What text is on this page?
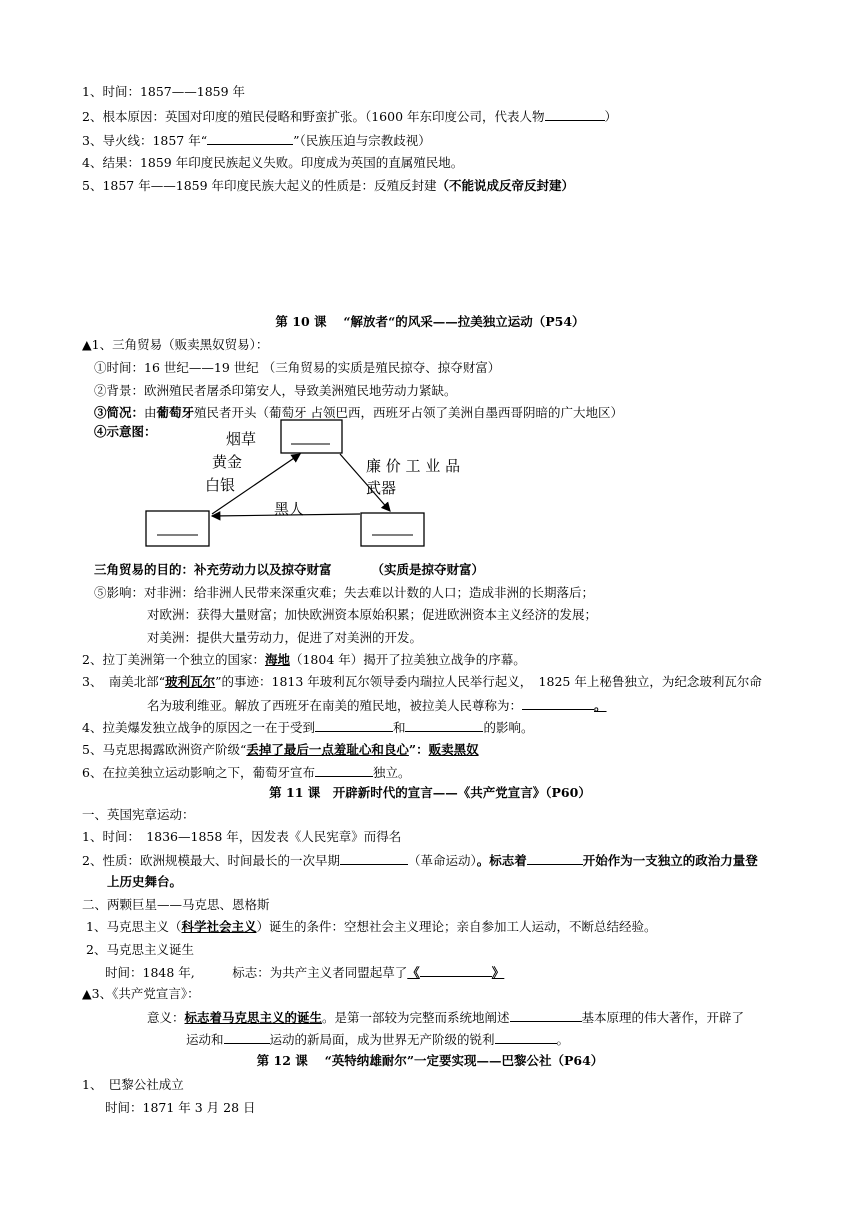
1、时间：1857——1859 年
2、根本原因：英国对印度的殖民侵略和野蛮扩张。（1600 年东印度公司，代表人物	）
3、导火线：1857 年“	”（民族压迫与宗教歧视）
4、结果：1859 年印度民族起义失败。印度成为英国的直属殖民地。
5、1857 年——1859 年印度民族大起义的性质是：反殖反封建（不能说成反帝反封建）
第 10 课　 “解放者“的风采——拉美独立运动（P54）
▲1、三角贸易（贩卖黑奴贸易）：
①时间：16 世纪——19 世纪 （三角贸易的实质是殖民掠夺、掠夺财富）
②背景：欧洲殖民者屠杀印第安人，导致美洲殖民地劳动力紧缺。
③简况：由葡萄牙殖民者开头（葡萄牙 占领巴西，西班牙占领了美洲自墨西哥阴暗的广大地区）
④示意图：	烟草
黄金
白银
廉 价 工 业 品
武器
黑人
三角贸易的目的：补充劳动力以及掠夺财富	（实质是掠夺财富）
⑤影响：对非洲：给非洲人民带来深重灾难；失去难以计数的人口；造成非洲的长期落后；
对欧洲：获得大量财富；加快欧洲资本原始积累；促进欧洲资本主义经济的发展；
对美洲：提供大量劳动力，促进了对美洲的开发。
2、拉丁美洲第一个独立的国家：海地（1804 年）揭开了拉美独立战争的序幕。
3、　南美北部“玻利瓦尔”的事迹：1813 年玻利瓦尔领导委内瑞拉人民举行起义，　1825 年上秘鲁独立，为纪念玻利瓦尔命
名为玻利维亚。解放了西班牙在南美的殖民地，被拉美人民尊称为：	。
4、拉美爆发独立战争的原因之一在于受到	和	的影响。
5、马克思揭露欧洲资产阶级“丢掉了最后一点羞耻心和良心”：贩卖黑奴
6、在拉美独立运动影响之下，葡萄牙宣布	独立。
第 11 课　开辟新时代的宣言——《共产党宣言》（P60）
一、英国宪章运动：
1、时间：　1836—1858 年，因发表《人民宪章》而得名
2、性质：欧洲规模最大、时间最长的一次早期	（革命运动）。标志着	开始作为一支独立的政治力量登
上历史舞台。
二、两颗巨星——马克思、恩格斯
1、马克思主义（科学社会主义）诞生的条件：空想社会主义理论；亲自参加工人运动，不断总结经验。
2、马克思主义诞生
时间：1848 年,　　　标志：为共产主义者同盟起草了《	》
▲3、《共产党宣言》：
意义：标志着马克思主义的诞生。是第一部较为完整而系统地阐述	基本原理的伟大著作，开辟了
运动和	运动的新局面，成为世界无产阶级的锐利	。
第 12 课　 “英特纳雄耐尔”一定要实现——巴黎公社（P64）
1、　巴黎公社成立
时间：1871 年 3 月 28 日
